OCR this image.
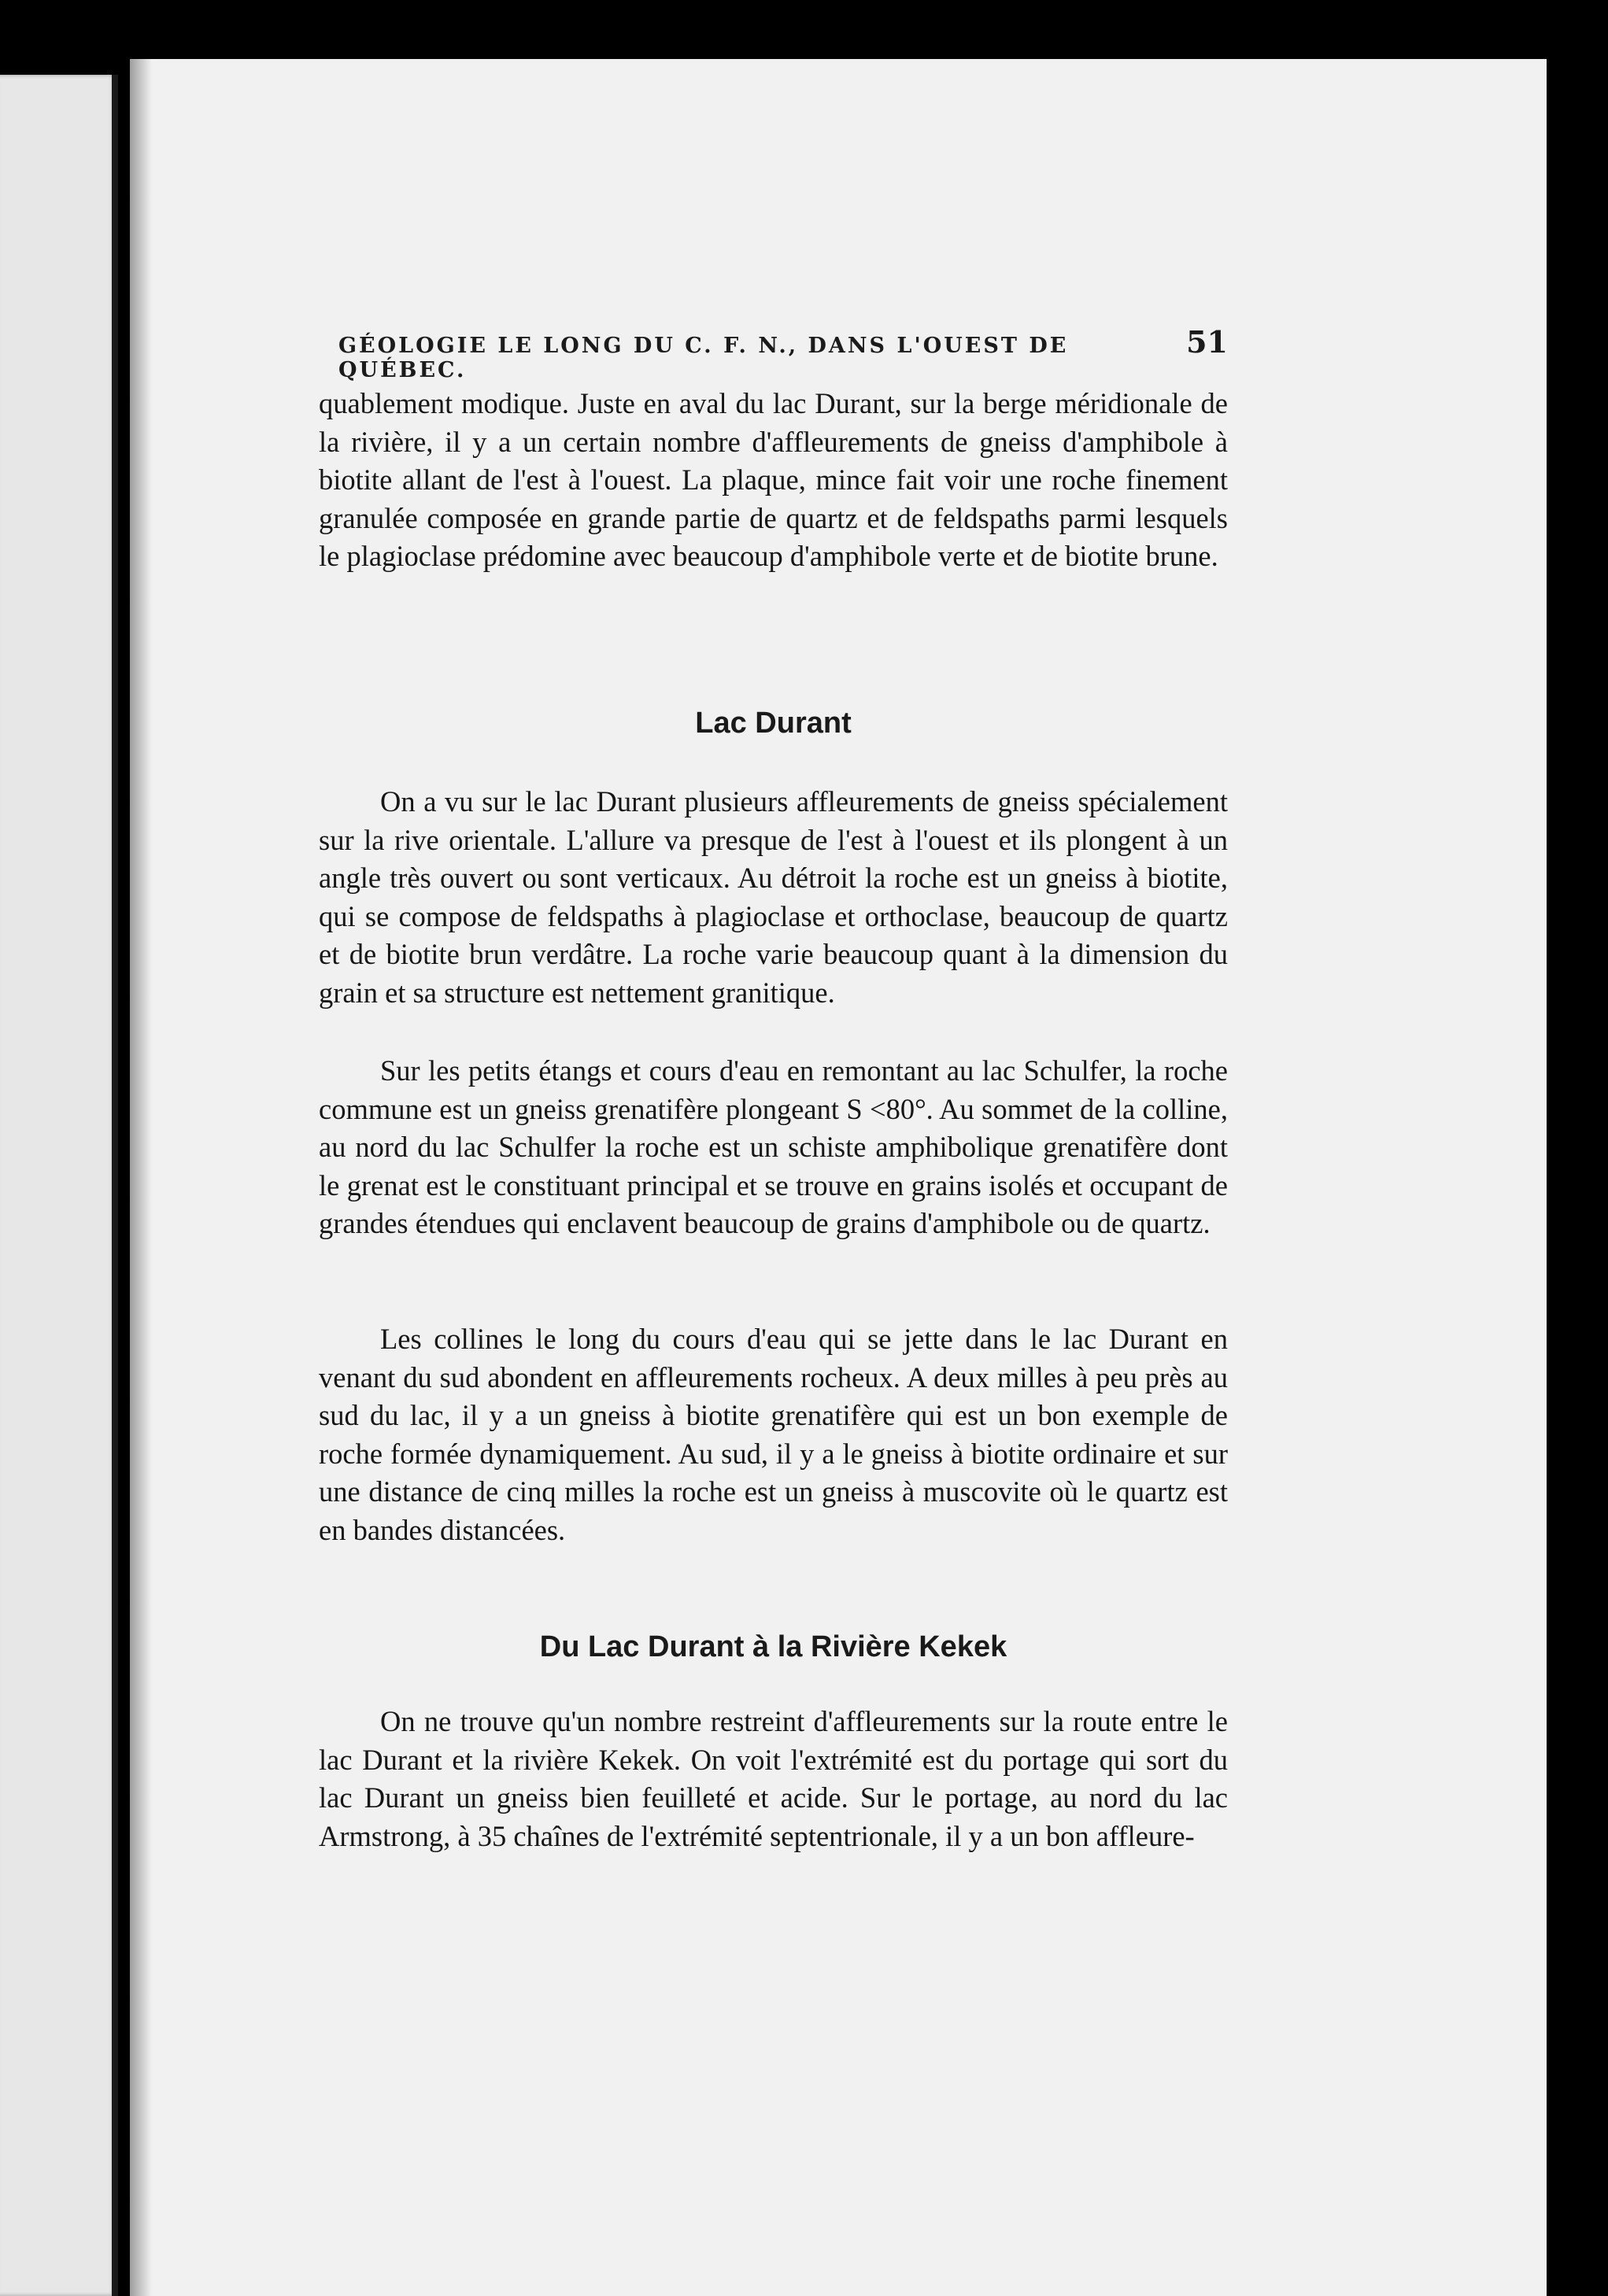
GÉOLOGIE LE LONG DU C. F. N., DANS L'OUEST DE QUÉBEC.
51

quablement modique. Juste en aval du lac Durant, sur la berge méridionale de la rivière, il y a un certain nombre d'affleurements de gneiss d'amphibole à biotite allant de l'est à l'ouest. La plaque, mince fait voir une roche finement granulée composée en grande partie de quartz et de feldspaths parmi lesquels le plagioclase prédomine avec beaucoup d'amphibole verte et de biotite brune.

Lac Durant

On a vu sur le lac Durant plusieurs affleurements de gneiss spécialement sur la rive orientale. L'allure va presque de l'est à l'ouest et ils plongent à un angle très ouvert ou sont verticaux. Au détroit la roche est un gneiss à biotite, qui se compose de feldspaths à plagioclase et orthoclase, beaucoup de quartz et de biotite brun verdâtre. La roche varie beaucoup quant à la dimension du grain et sa structure est nettement granitique.

Sur les petits étangs et cours d'eau en remontant au lac Schulfer, la roche commune est un gneiss grenatifère plongeant S <80°. Au sommet de la colline, au nord du lac Schulfer la roche est un schiste amphibolique grenatifère dont le grenat est le constituant principal et se trouve en grains isolés et occupant de grandes étendues qui enclavent beaucoup de grains d'amphibole ou de quartz.

Les collines le long du cours d'eau qui se jette dans le lac Durant en venant du sud abondent en affleurements rocheux. A deux milles à peu près au sud du lac, il y a un gneiss à biotite grenatifère qui est un bon exemple de roche formée dynamiquement. Au sud, il y a le gneiss à biotite ordinaire et sur une distance de cinq milles la roche est un gneiss à muscovite où le quartz est en bandes distancées.

Du Lac Durant à la Rivière Kekek

On ne trouve qu'un nombre restreint d'affleurements sur la route entre le lac Durant et la rivière Kekek. On voit l'extrémité est du portage qui sort du lac Durant un gneiss bien feuilleté et acide. Sur le portage, au nord du lac Armstrong, à 35 chaînes de l'extrémité septentrionale, il y a un bon affleure-
